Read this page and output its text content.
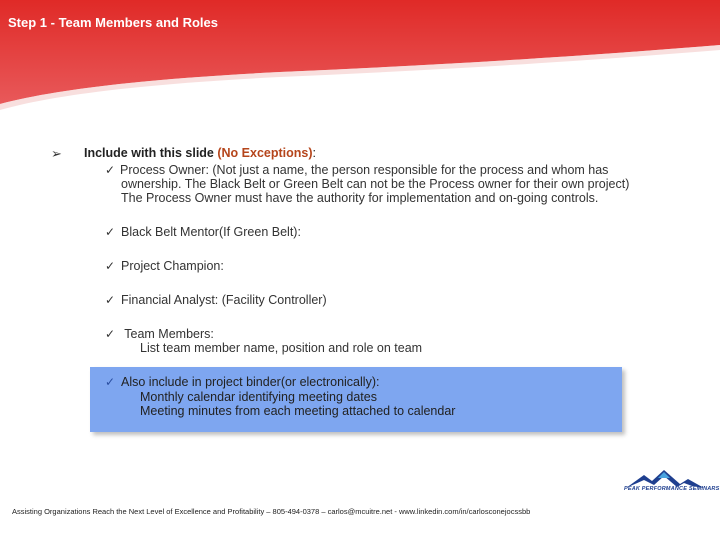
Step 1 - Team Members and Roles
➢ Include with this slide (No Exceptions):
✓ Process Owner: (Not just a name, the person responsible for the process and whom has
ownership. The Black Belt or Green Belt can not be the Process owner for their own project)
The Process Owner must have the authority for implementation and on-going controls.
✓ Black Belt Mentor(If Green Belt):
✓ Project Champion:
✓ Financial Analyst: (Facility Controller)
✓ Team Members:
List team member name, position and role on team
✓ Also include in project binder(or electronically):
Monthly calendar identifying meeting dates
Meeting minutes from each meeting attached to calendar
PEAK PERFORMANCE SEMINARS
Assisting Organizations Reach the Next Level of Excellence and Profitability – 805-494-0378 – carlos@mcuitre.net - www.linkedin.com/in/carlosconejocssbb
